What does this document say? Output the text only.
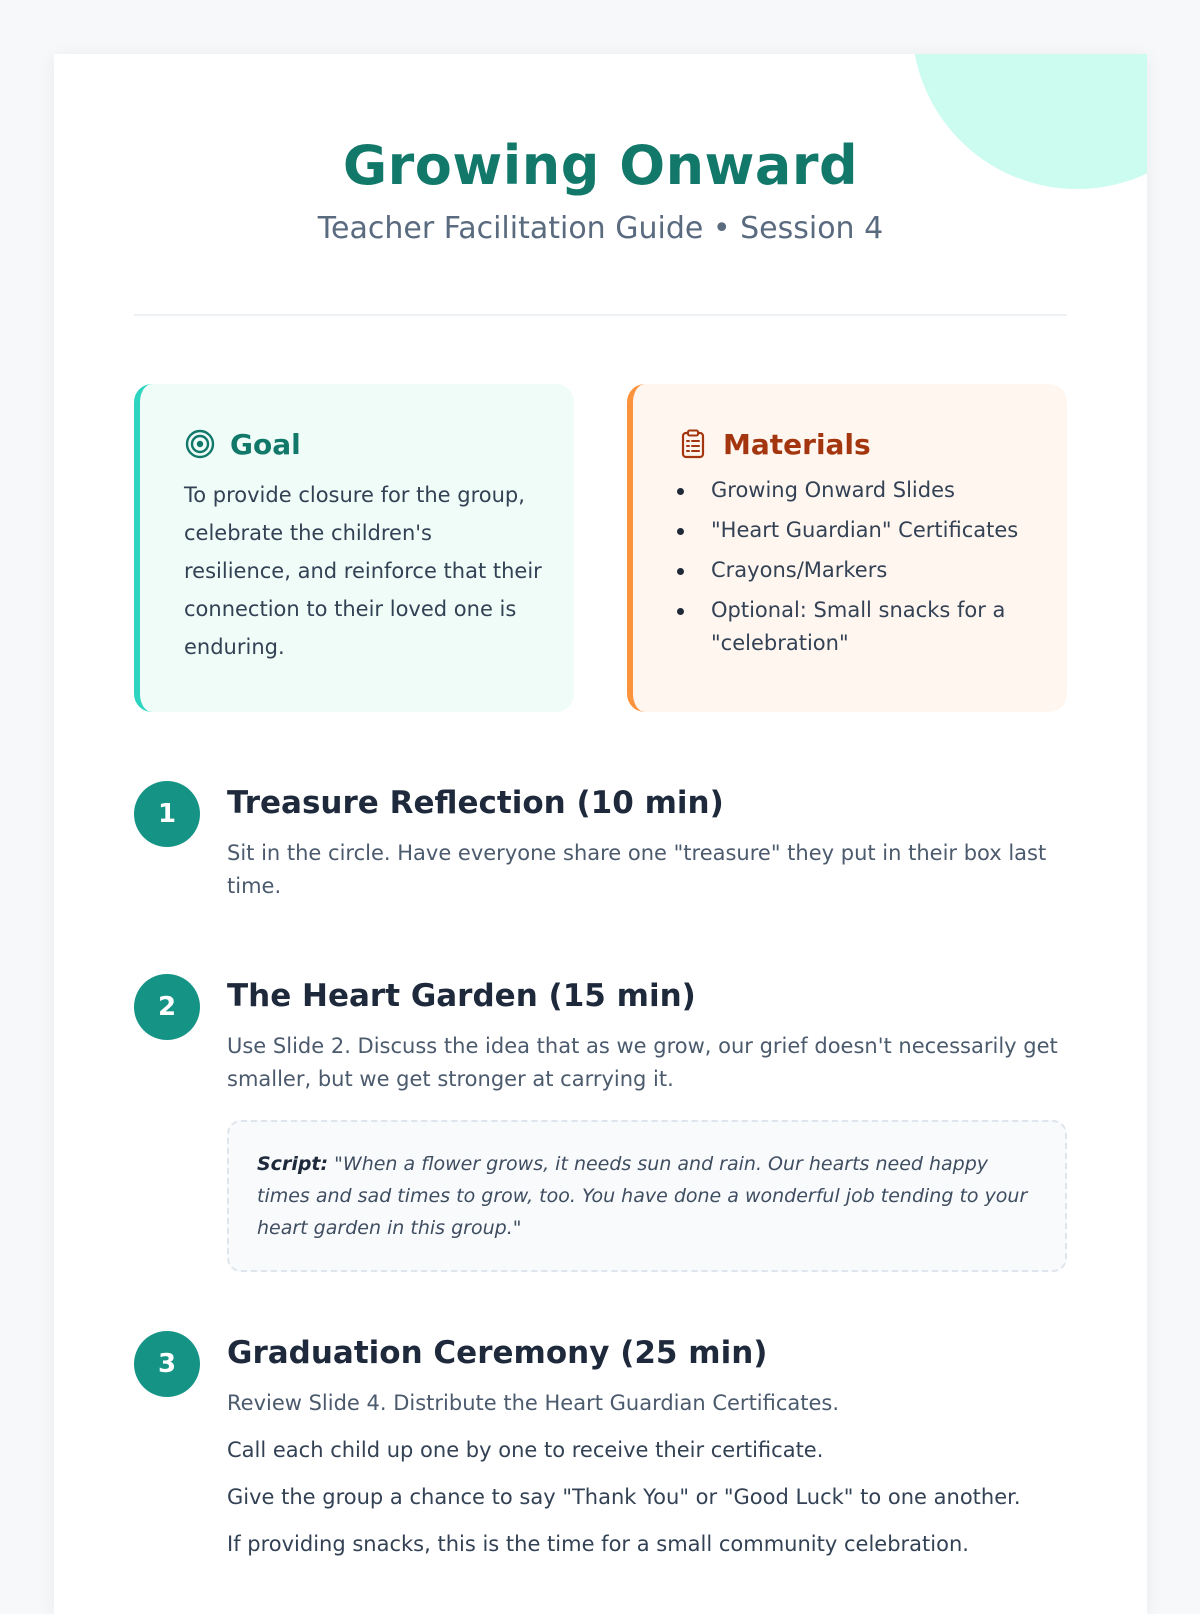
Growing Onward
Teacher Facilitation Guide • Session 4
Goal

To provide closure for the group, celebrate the children's resilience, and reinforce that their connection to their loved one is enduring.

Materials
Growing Onward Slides
"Heart Guardian" Certificates
Crayons/Markers
Optional: Small snacks for a "celebration"
1	Treasure Reflection (10 min)
Sit in the circle. Have everyone share one "treasure" they put in their box last time.
2	The Heart Garden (15 min)
Use Slide 2. Discuss the idea that as we grow, our grief doesn't necessarily get smaller, but we get stronger at carrying it.
Script: "When a flower grows, it needs sun and rain. Our hearts need happy times and sad times to grow, too. You have done a wonderful job tending to your heart garden in this group."
3	Graduation Ceremony (25 min)
Review Slide 4. Distribute the Heart Guardian Certificates.
Call each child up one by one to receive their certificate.
Give the group a chance to say "Thank You" or "Good Luck" to one another.
If providing snacks, this is the time for a small community celebration.
